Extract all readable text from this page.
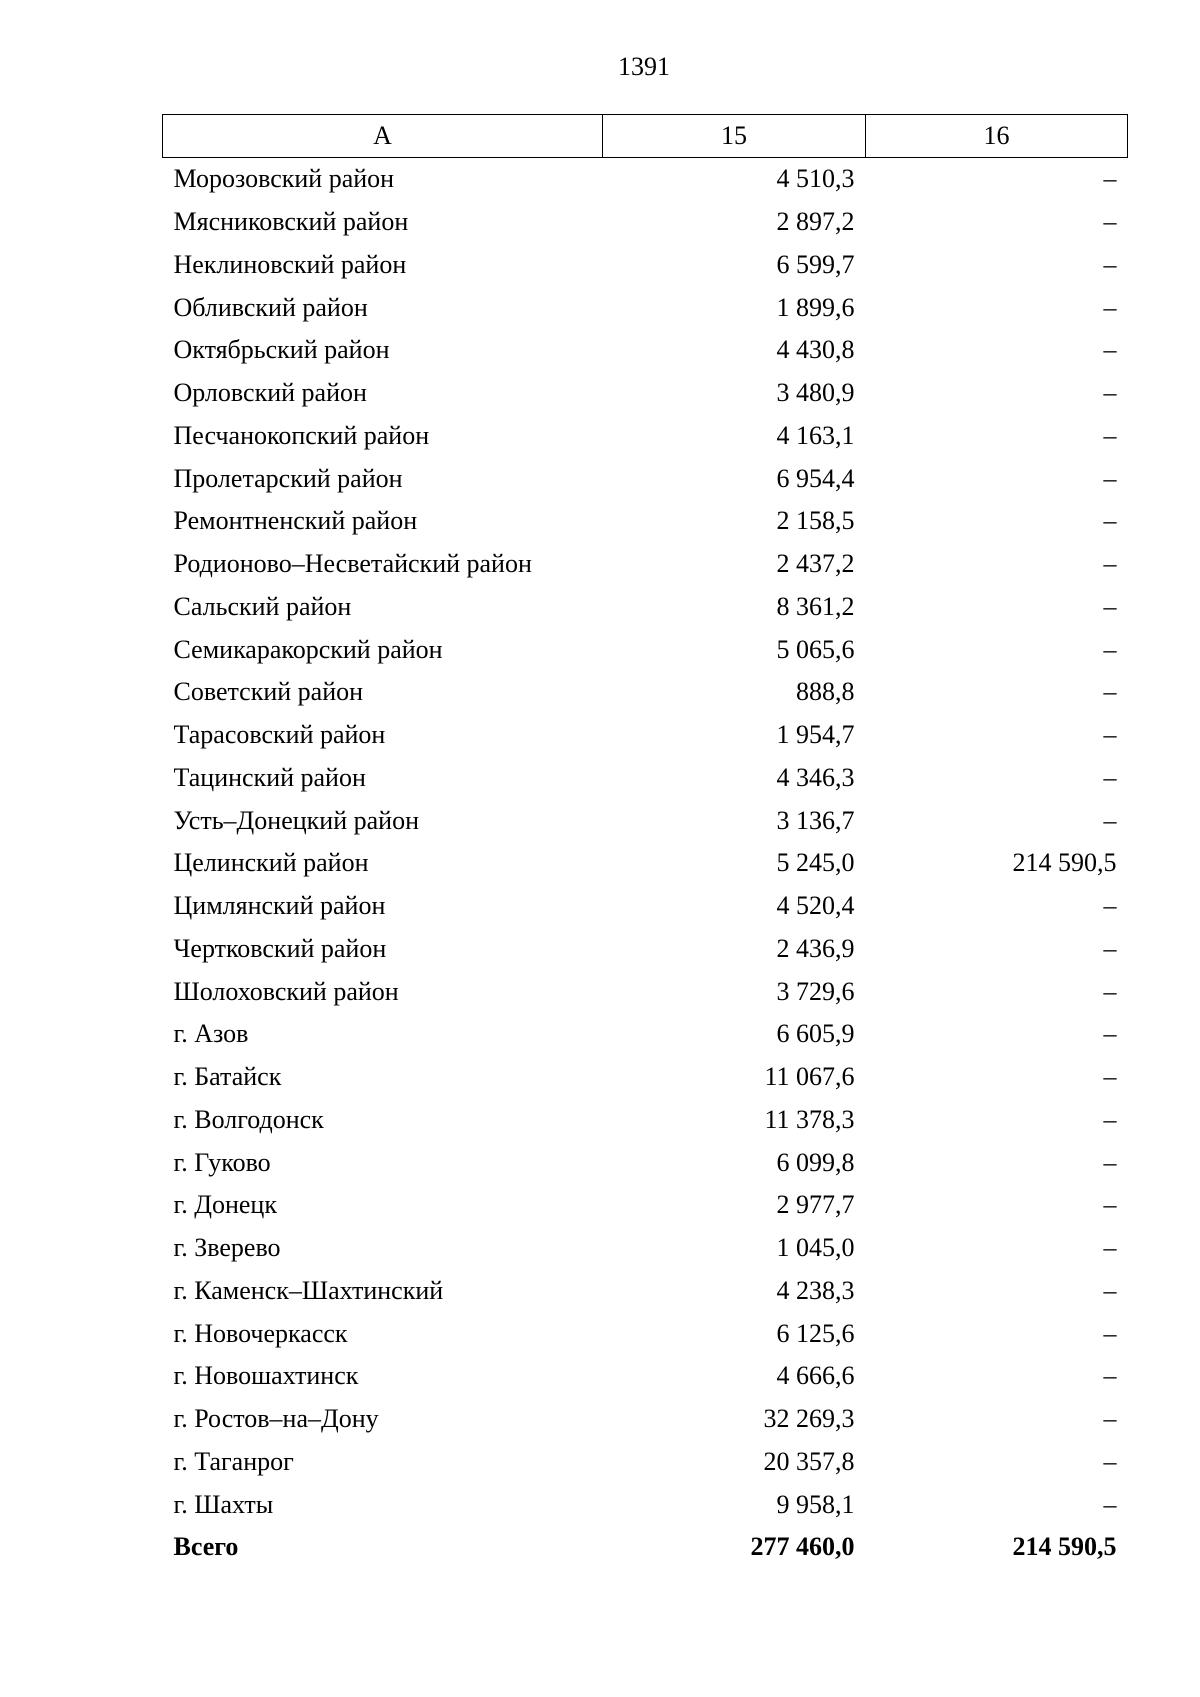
1391
А	15	16
Морозовский район	4 510,3	–
Мясниковский район	2 897,2	–
Неклиновский район	6 599,7	–
Обливский район	1 899,6	–
Октябрьский район	4 430,8	–
Орловский район	3 480,9	–
Песчанокопский район	4 163,1	–
Пролетарский район	6 954,4	–
Ремонтненский район	2 158,5	–
Родионово–Несветайский район	2 437,2	–
Сальский район	8 361,2	–
Семикаракорский район	5 065,6	–
Советский район	888,8	–
Тарасовский район	1 954,7	–
Тацинский район	4 346,3	–
Усть–Донецкий район	3 136,7	–
Целинский район	5 245,0	214 590,5
Цимлянский район	4 520,4	–
Чертковский район	2 436,9	–
Шолоховский район	3 729,6	–
г. Азов	6 605,9	–
г. Батайск	11 067,6	–
г. Волгодонск	11 378,3	–
г. Гуково	6 099,8	–
г. Донецк	2 977,7	–
г. Зверево	1 045,0	–
г. Каменск–Шахтинский	4 238,3	–
г. Новочеркасск	6 125,6	–
г. Новошахтинск	4 666,6	–
г. Ростов–на–Дону	32 269,3	–
г. Таганрог	20 357,8	–
г. Шахты	9 958,1	–
Всего	277 460,0	214 590,5
